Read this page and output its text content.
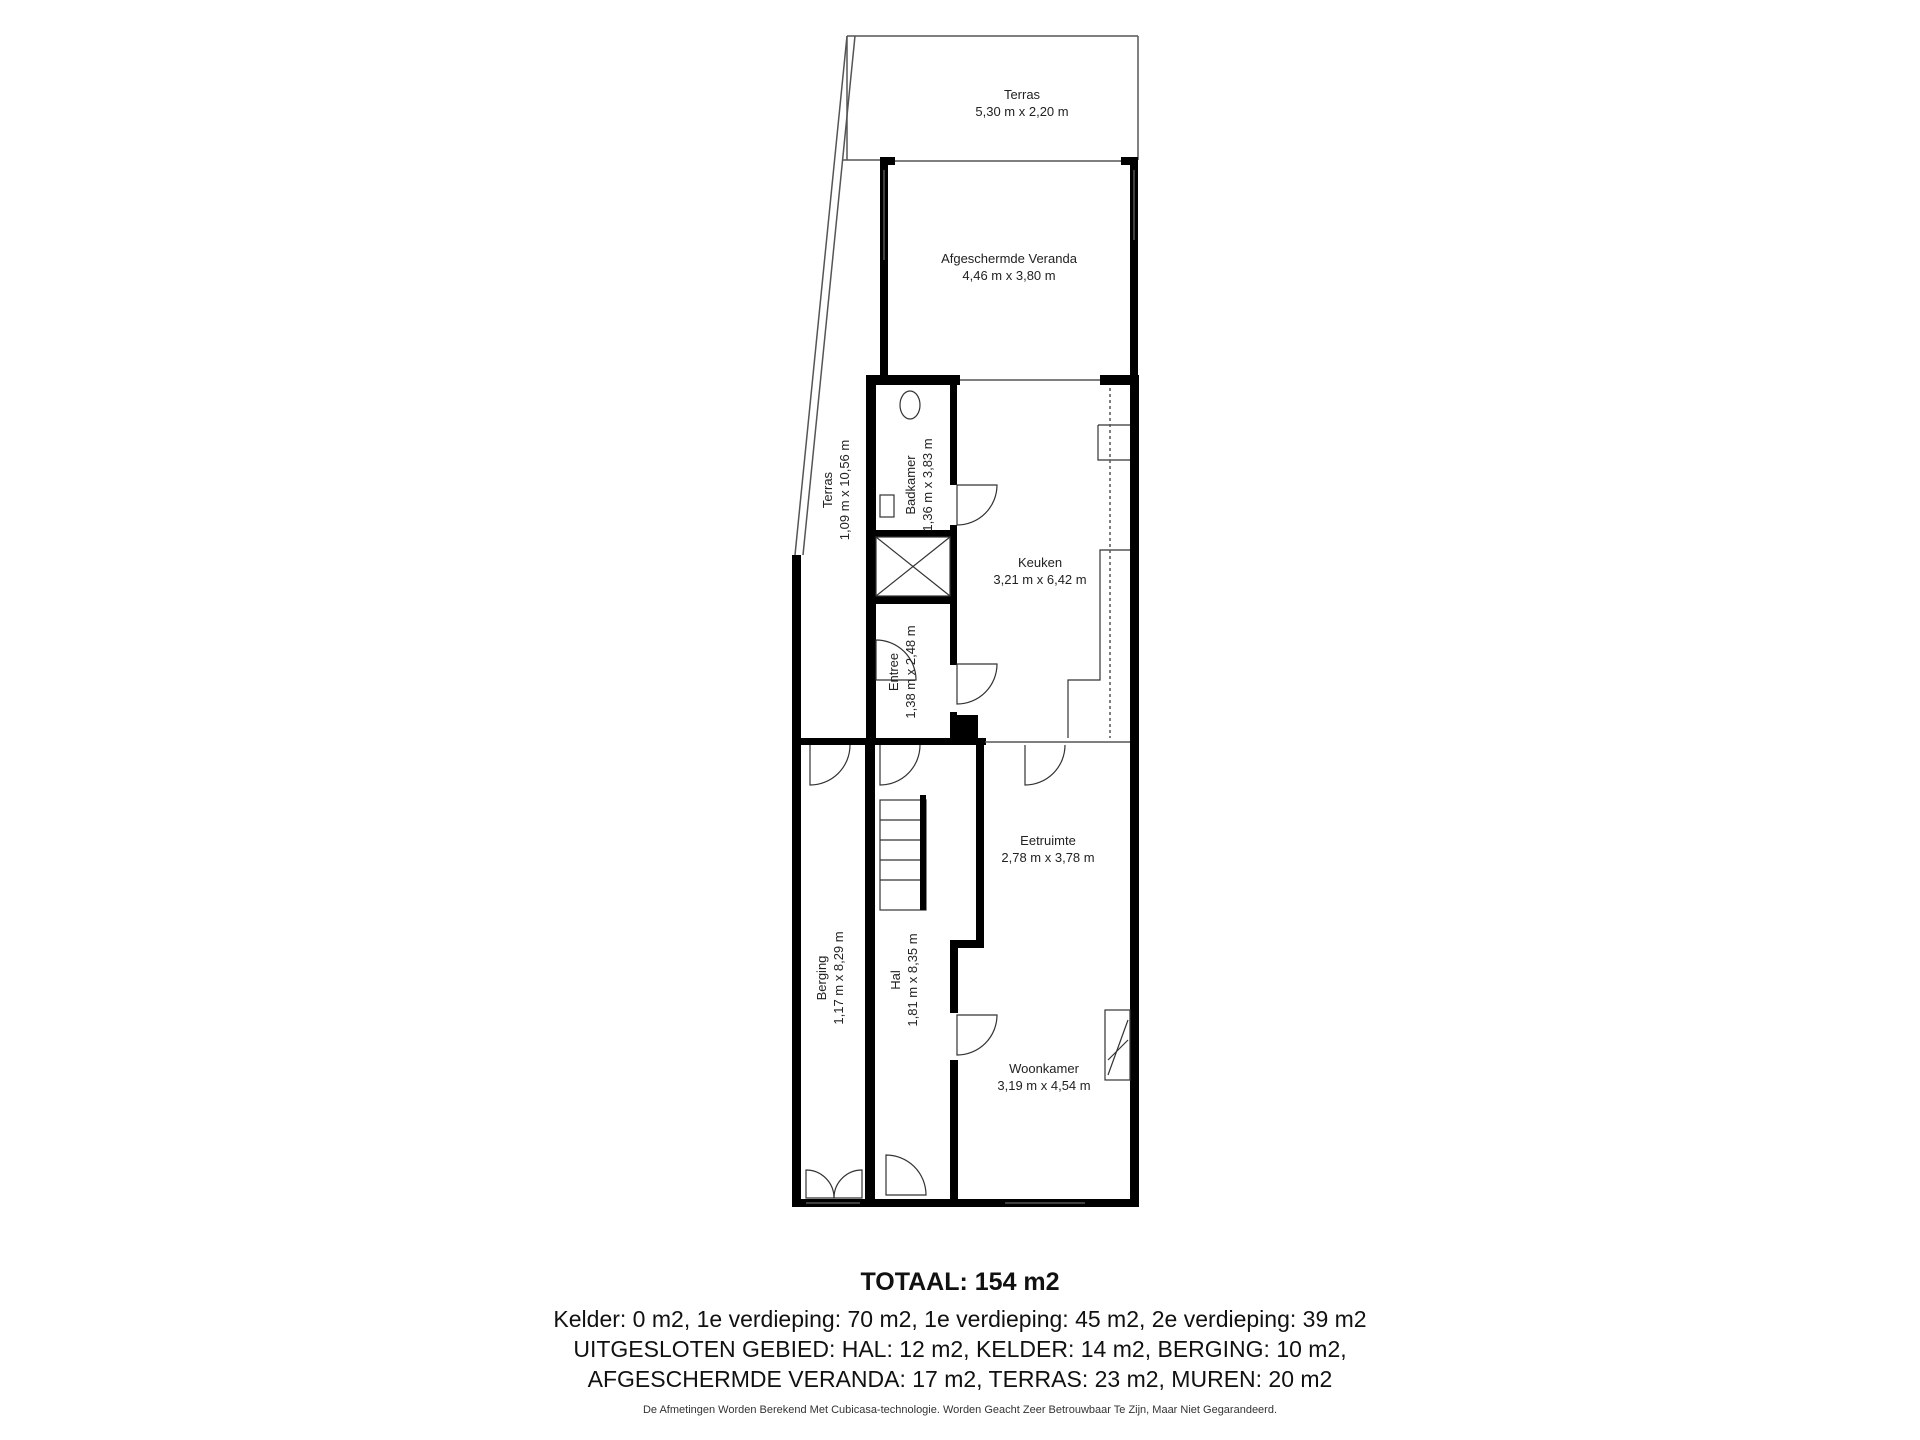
Terras
5,30 m x 2,20 m
Afgeschermde Veranda
4,46 m x 3,80 m
Terras 1,09 m x 10,56 m	Badkamer 1,36 m x 3,83 m
Keuken
3,21 m x 6,42 m
Entree 1,38 m x 2,48 m
Eetruimte
2,78 m x 3,78 m
Berging 1,17 m x 8,29 m	Hal 1,81 m x 8,35 m
Woonkamer
3,19 m x 4,54 m
TOTAAL: 154 m2
Kelder: 0 m2, 1e verdieping: 70 m2, 1e verdieping: 45 m2, 2e verdieping: 39 m2
UITGESLOTEN GEBIED: HAL: 12 m2, KELDER: 14 m2, BERGING: 10 m2,
AFGESCHERMDE VERANDA: 17 m2, TERRAS: 23 m2, MUREN: 20 m2
De Afmetingen Worden Berekend Met Cubicasa-technologie. Worden Geacht Zeer Betrouwbaar Te Zijn, Maar Niet Gegarandeerd.
